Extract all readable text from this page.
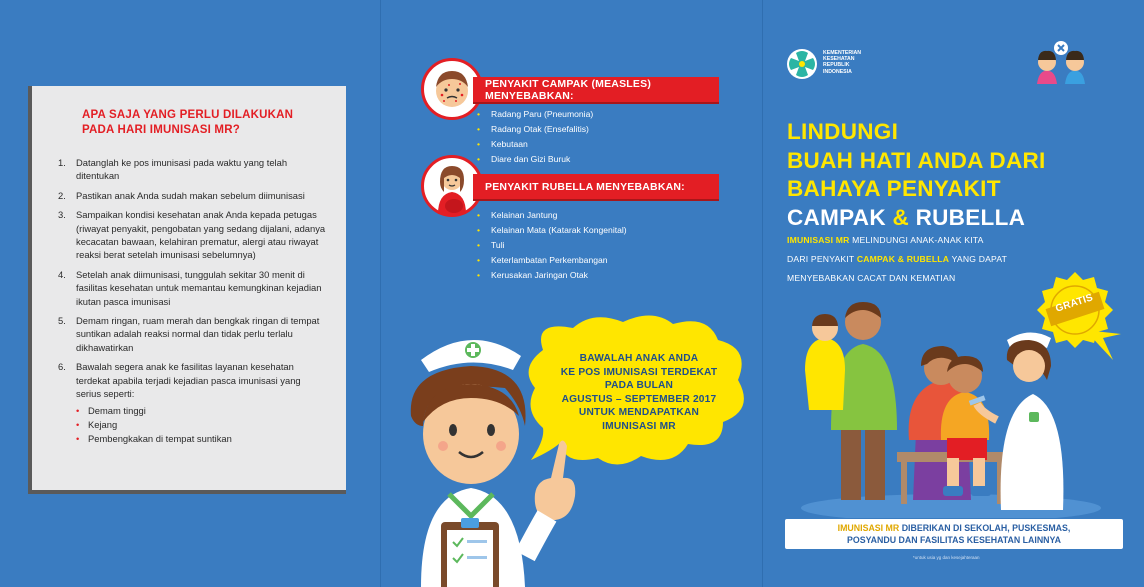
APA SAJA YANG PERLU DILAKUKAN PADA HARI IMUNISASI MR?
1.	Datanglah ke pos imunisasi pada waktu yang telah ditentukan
2.	Pastikan anak Anda sudah makan sebelum diimunisasi
3.	Sampaikan kondisi kesehatan anak Anda kepada petugas (riwayat penyakit, pengobatan yang sedang dijalani, adanya kecacatan bawaan, kelahiran prematur, alergi atau riwayat reaksi berat setelah imunisasi sebelumnya)
4.	Setelah anak diimunisasi, tunggulah sekitar 30 menit di fasilitas kesehatan untuk memantau kemungkinan kejadian ikutan pasca imunisasi
5.	Demam ringan, ruam merah dan bengkak ringan di tempat suntikan adalah reaksi normal dan tidak perlu terlalu dikhawatirkan
6.	Bawalah segera anak ke fasilitas layanan kesehatan terdekat apabila terjadi kejadian pasca imunisasi yang serius seperti:
• Demam tinggi
• Kejang
• Pembengkakan di tempat suntikan
PENYAKIT CAMPAK (MEASLES) MENYEBABKAN:
•	Radang Paru (Pneumonia)
•	Radang Otak (Ensefalitis)
•	Kebutaan
•	Diare dan Gizi Buruk
PENYAKIT RUBELLA MENYEBABKAN:
•	Kelainan Jantung
•	Kelainan Mata (Katarak Kongenital)
•	Tuli
•	Keterlambatan Perkembangan
•	Kerusakan Jaringan Otak
BAWALAH ANAK ANDA
KE POS IMUNISASI TERDEKAT
PADA BULAN
AGUSTUS – SEPTEMBER 2017
UNTUK MENDAPATKAN
IMUNISASI MR
KEMENTERIAN
KESEHATAN
REPUBLIK
INDONESIA
LINDUNGI
BUAH HATI ANDA DARI
BAHAYA PENYAKIT
CAMPAK & RUBELLA
IMUNISASI MR MELINDUNGI ANAK-ANAK KITA
DARI PENYAKIT CAMPAK & RUBELLA YANG DAPAT
MENYEBABKAN CACAT DAN KEMATIAN
GRATIS
IMUNISASI MR DIBERIKAN DI SEKOLAH, PUSKESMAS,
POSYANDU DAN FASILITAS KESEHATAN LAINNYA
*untuk usia yg dan kesejahteraan
